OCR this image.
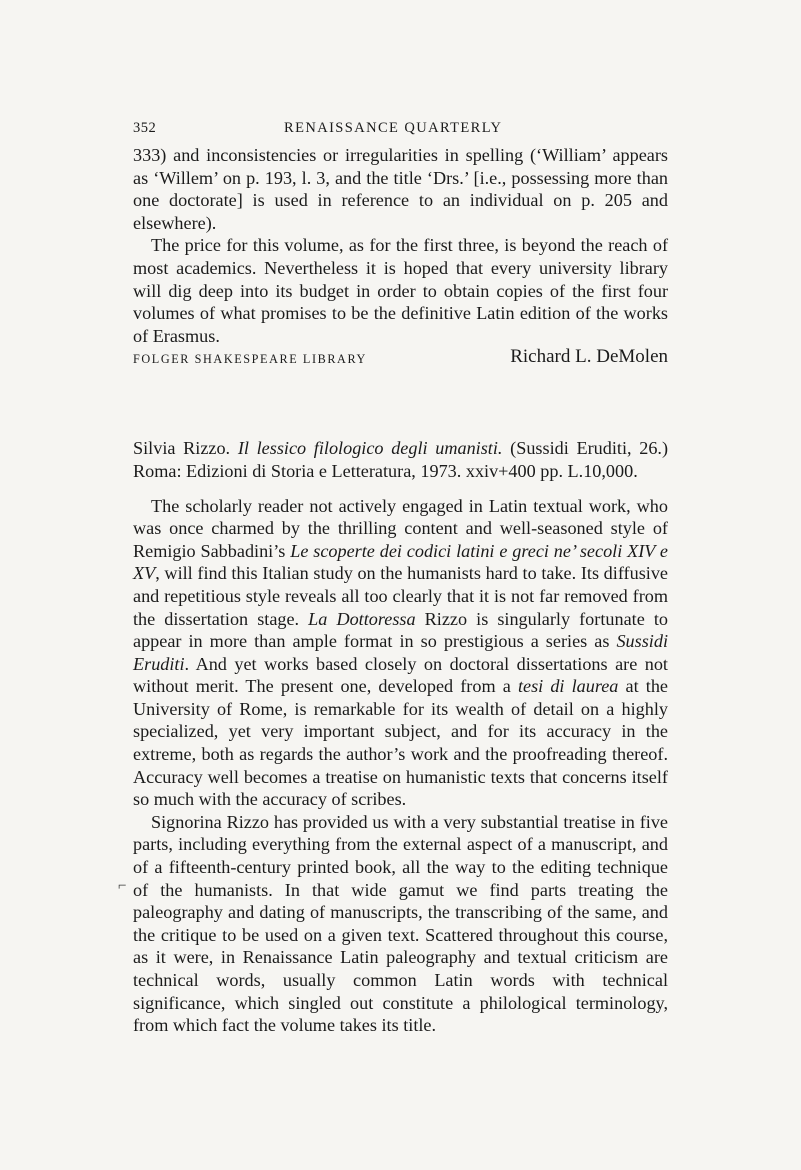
352	RENAISSANCE QUARTERLY

333) and inconsistencies or irregularities in spelling (‘William’ appears as ‘Willem’ on p. 193, l. 3, and the title ‘Drs.’ [i.e., possessing more than one doctorate] is used in reference to an individual on p. 205 and elsewhere).

The price for this volume, as for the first three, is beyond the reach of most academics. Nevertheless it is hoped that every university library will dig deep into its budget in order to obtain copies of the first four volumes of what promises to be the definitive Latin edition of the works of Erasmus.

FOLGER SHAKESPEARE LIBRARY	Richard L. DeMolen

Silvia Rizzo. Il lessico filologico degli umanisti. (Sussidi Eruditi, 26.) Roma: Edizioni di Storia e Letteratura, 1973. xxiv+400 pp. L.10,000.

The scholarly reader not actively engaged in Latin textual work, who was once charmed by the thrilling content and well-seasoned style of Remigio Sabbadini’s Le scoperte dei codici latini e greci ne’ secoli XIV e XV, will find this Italian study on the humanists hard to take. Its diffusive and repetitious style reveals all too clearly that it is not far removed from the dissertation stage. La Dottoressa Rizzo is singularly fortunate to appear in more than ample format in so prestigious a series as Sussidi Eruditi. And yet works based closely on doctoral dissertations are not without merit. The present one, developed from a tesi di laurea at the University of Rome, is remarkable for its wealth of detail on a highly specialized, yet very important subject, and for its accuracy in the extreme, both as regards the author’s work and the proofreading thereof. Accuracy well becomes a treatise on humanistic texts that concerns itself so much with the accuracy of scribes.

Signorina Rizzo has provided us with a very substantial treatise in five parts, including everything from the external aspect of a manuscript, and of a fifteenth-century printed book, all the way to the editing technique of the humanists. In that wide gamut we find parts treating the paleography and dating of manuscripts, the transcribing of the same, and the critique to be used on a given text. Scattered throughout this course, as it were, in Renaissance Latin paleography and textual criticism are technical words, usually common Latin words with technical significance, which singled out constitute a philological terminology, from which fact the volume takes its title.

⌐
